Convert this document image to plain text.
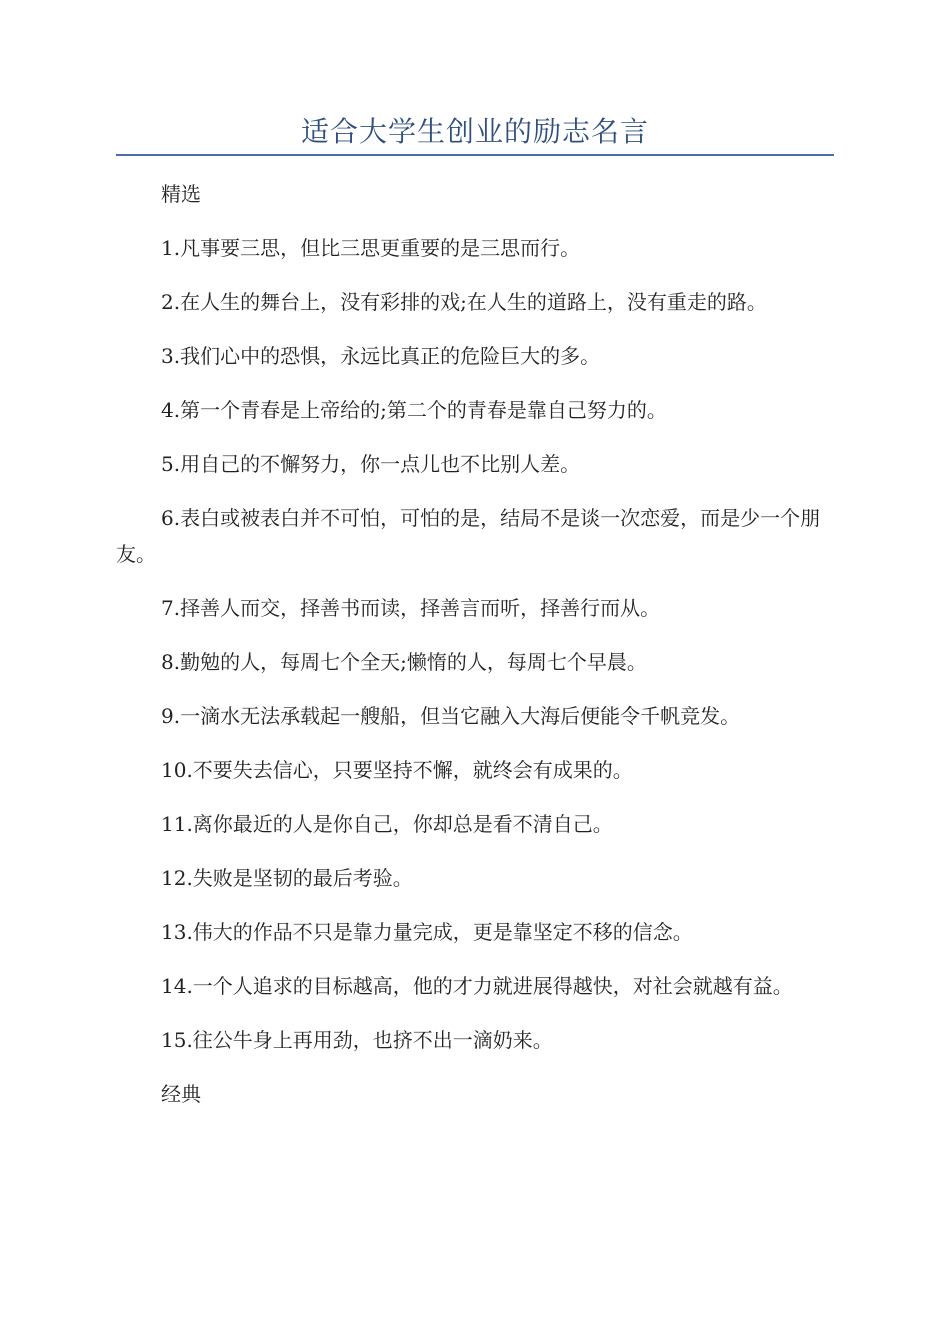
适合大学生创业的励志名言

精选

1.凡事要三思，但比三思更重要的是三思而行。

2.在人生的舞台上，没有彩排的戏;在人生的道路上，没有重走的路。

3.我们心中的恐惧，永远比真正的危险巨大的多。

4.第一个青春是上帝给的;第二个的青春是靠自己努力的。

5.用自己的不懈努力，你一点儿也不比别人差。

6.表白或被表白并不可怕，可怕的是，结局不是谈一次恋爱，而是少一个朋友。

7.择善人而交，择善书而读，择善言而听，择善行而从。

8.勤勉的人，每周七个全天;懒惰的人，每周七个早晨。

9.一滴水无法承载起一艘船，但当它融入大海后便能令千帆竞发。

10.不要失去信心，只要坚持不懈，就终会有成果的。

11.离你最近的人是你自己，你却总是看不清自己。

12.失败是坚韧的最后考验。

13.伟大的作品不只是靠力量完成，更是靠坚定不移的信念。

14.一个人追求的目标越高，他的才力就进展得越快，对社会就越有益。

15.往公牛身上再用劲，也挤不出一滴奶来。

经典
